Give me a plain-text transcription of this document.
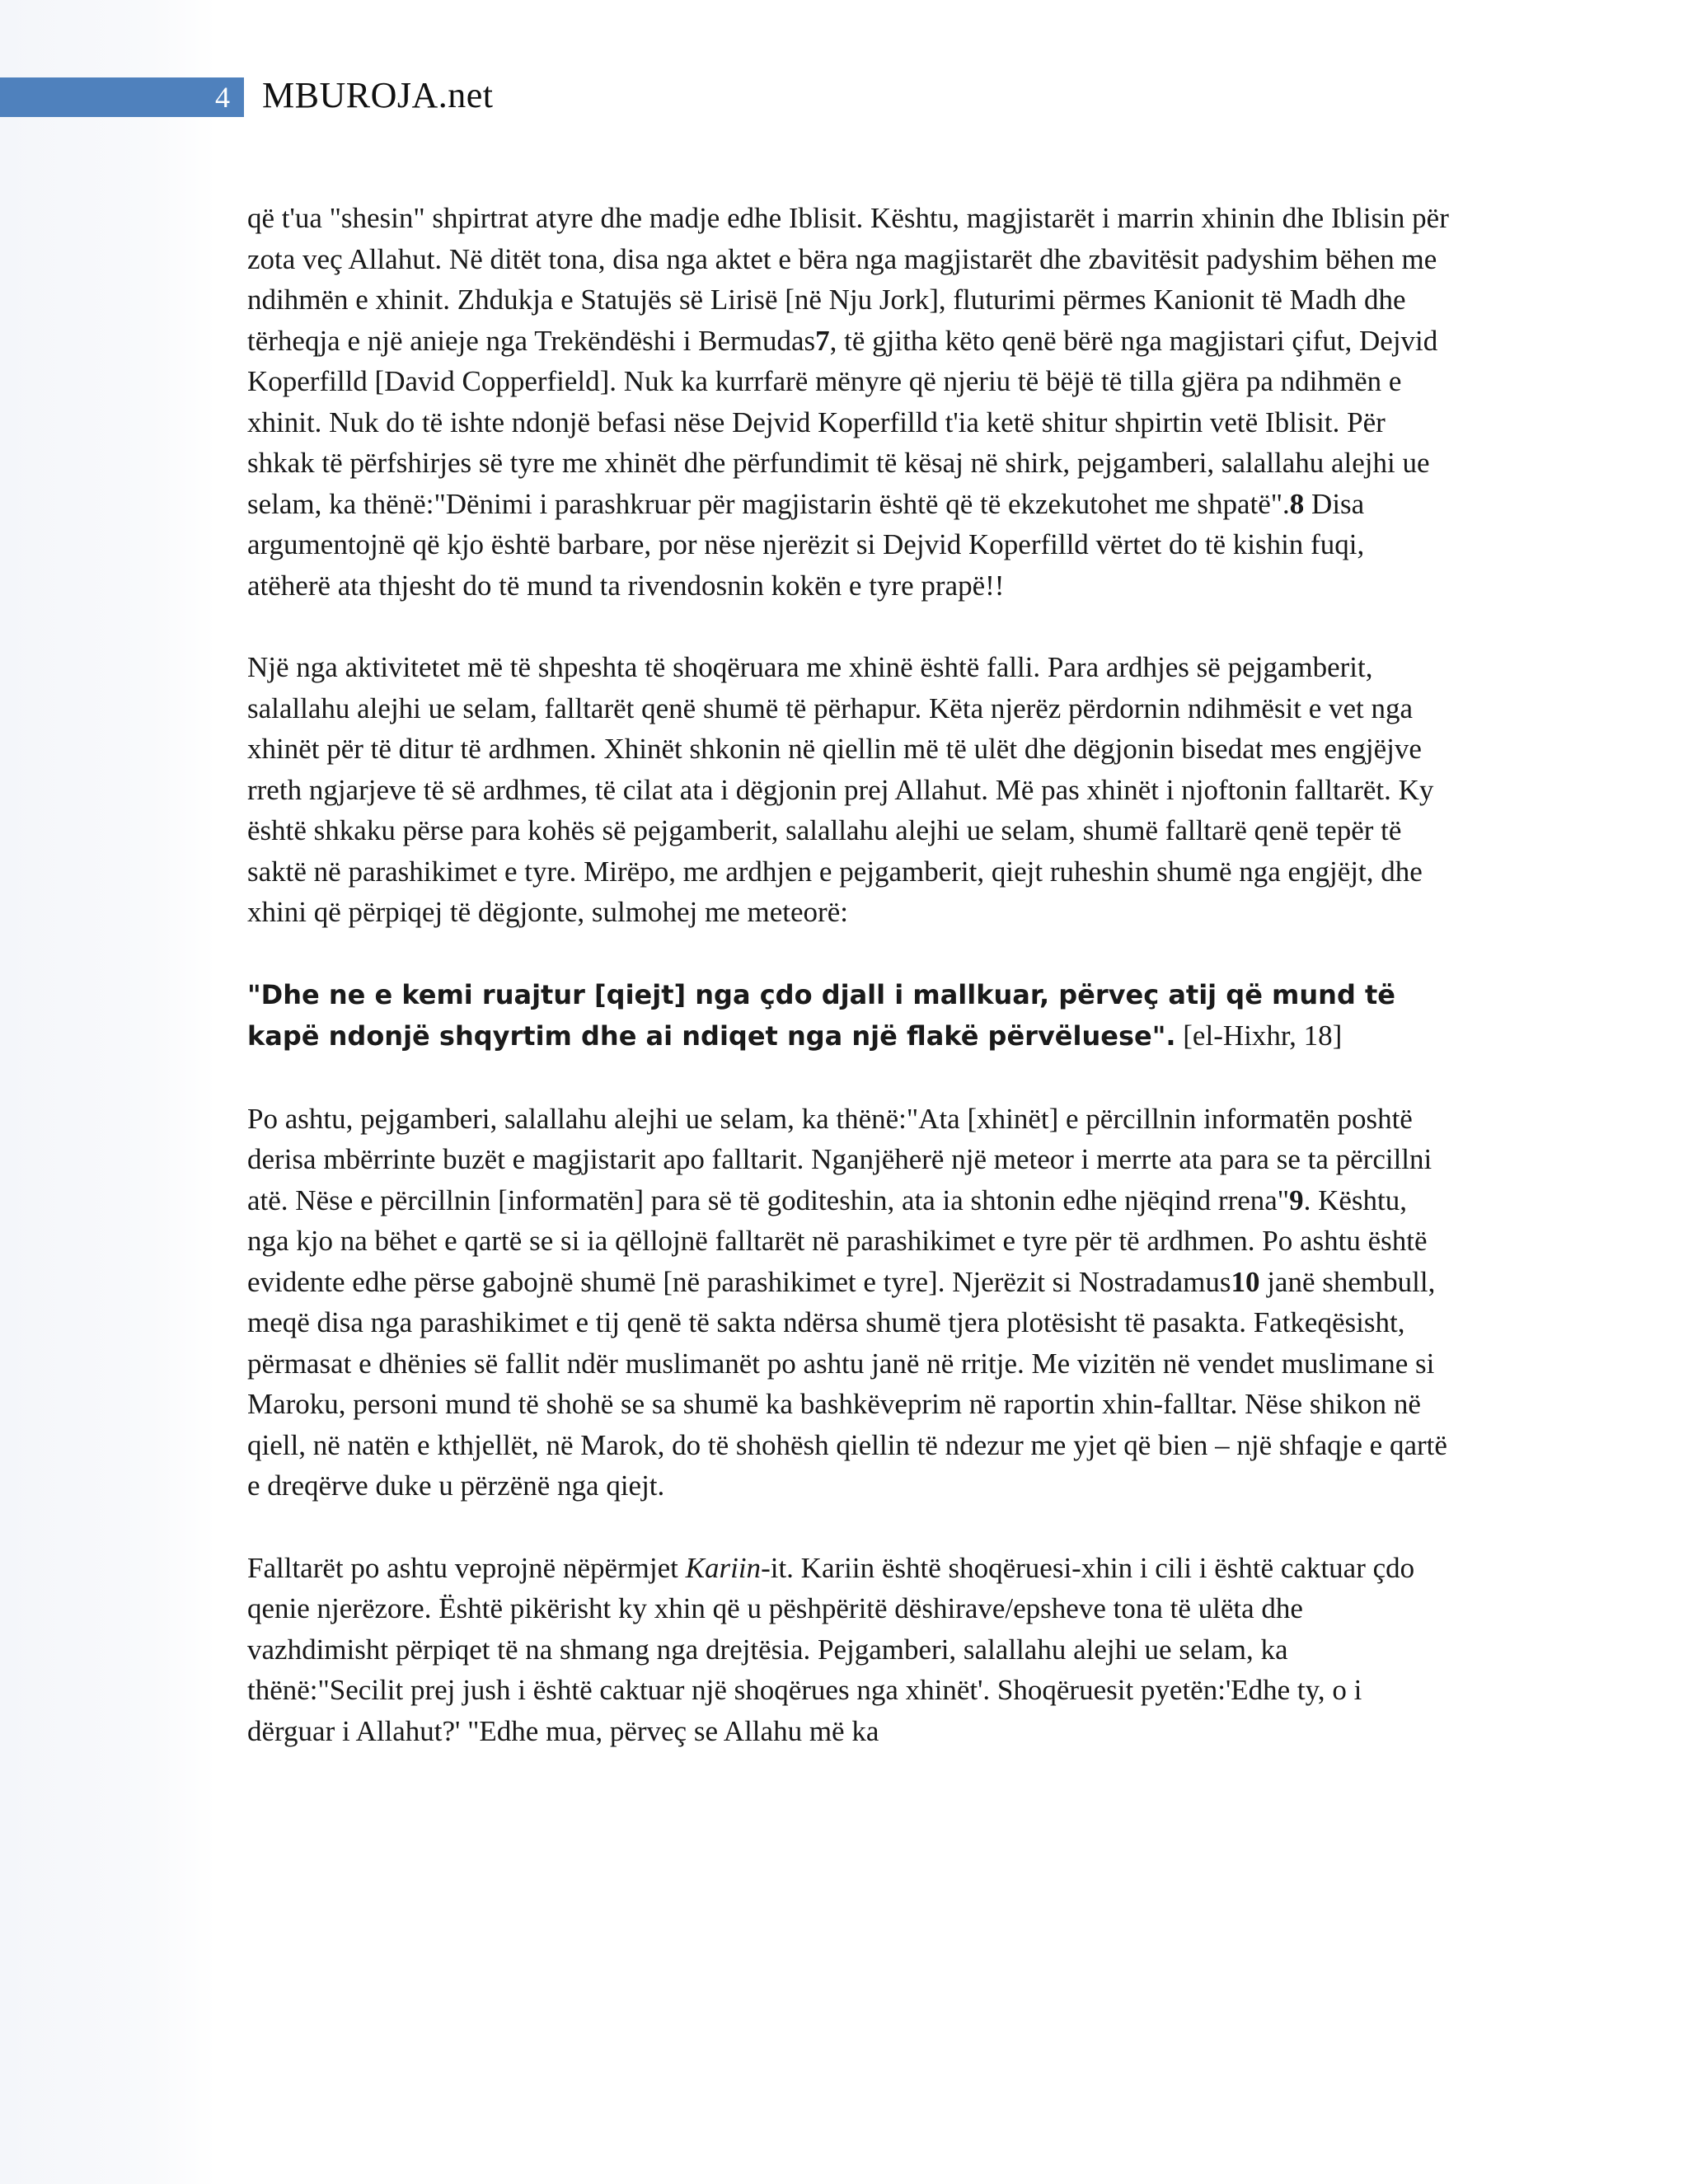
4 MBUROJA.net

që t'ua "shesin" shpirtrat atyre dhe madje edhe Iblisit. Kështu, magjistarët i marrin xhinin dhe Iblisin për zota veç Allahut. Në ditët tona, disa nga aktet e bëra nga magjistarët dhe zbavitësit padyshim bëhen me ndihmën e xhinit. Zhdukja e Statujës së Lirisë [në Nju Jork], fluturimi përmes Kanionit të Madh dhe tërheqja e një anieje nga Trekëndëshi i Bermudas7, të gjitha këto qenë bërë nga magjistari çifut, Dejvid Koperfilld [David Copperfield]. Nuk ka kurrfarë mënyre që njeriu të bëjë të tilla gjëra pa ndihmën e xhinit. Nuk do të ishte ndonjë befasi nëse Dejvid Koperfilld t'ia ketë shitur shpirtin vetë Iblisit. Për shkak të përfshirjes së tyre me xhinët dhe përfundimit të kësaj në shirk, pejgamberi, salallahu alejhi ue selam, ka thënë:"Dënimi i parashkruar për magjistarin është që të ekzekutohet me shpatë".8 Disa argumentojnë që kjo është barbare, por nëse njerëzit si Dejvid Koperfilld vërtet do të kishin fuqi, atëherë ata thjesht do të mund ta rivendosnin kokën e tyre prapë!!

Një nga aktivitetet më të shpeshta të shoqëruara me xhinë është falli. Para ardhjes së pejgamberit, salallahu alejhi ue selam, falltarët qenë shumë të përhapur. Këta njerëz përdornin ndihmësit e vet nga xhinët për të ditur të ardhmen. Xhinët shkonin në qiellin më të ulët dhe dëgjonin bisedat mes engjëjve rreth ngjarjeve të së ardhmes, të cilat ata i dëgjonin prej Allahut. Më pas xhinët i njoftonin falltarët. Ky është shkaku përse para kohës së pejgamberit, salallahu alejhi ue selam, shumë falltarë qenë tepër të saktë në parashikimet e tyre. Mirëpo, me ardhjen e pejgamberit, qiejt ruheshin shumë nga engjëjt, dhe xhini që përpiqej të dëgjonte, sulmohej me meteorë:

"Dhe ne e kemi ruajtur [qiejt] nga çdo djall i mallkuar, përveç atij që mund të kapë ndonjë shqyrtim dhe ai ndiqet nga një flakë përvëluese". [el-Hixhr, 18]

Po ashtu, pejgamberi, salallahu alejhi ue selam, ka thënë:"Ata [xhinët] e përcillnin informatën poshtë derisa mbërrinte buzët e magjistarit apo falltarit. Nganjëherë një meteor i merrte ata para se ta përcillni atë. Nëse e përcillnin [informatën] para së të goditeshin, ata ia shtonin edhe njëqind rrena"9. Kështu, nga kjo na bëhet e qartë se si ia qëllojnë falltarët në parashikimet e tyre për të ardhmen. Po ashtu është evidente edhe përse gabojnë shumë [në parashikimet e tyre]. Njerëzit si Nostradamus10 janë shembull, meqë disa nga parashikimet e tij qenë të sakta ndërsa shumë tjera plotësisht të pasakta. Fatkeqësisht, përmasat e dhënies së fallit ndër muslimanët po ashtu janë në rritje. Me vizitën në vendet muslimane si Maroku, personi mund të shohë se sa shumë ka bashkëveprim në raportin xhin-falltar. Nëse shikon në qiell, në natën e kthjellët, në Marok, do të shohësh qiellin të ndezur me yjet që bien – një shfaqje e qartë e dreqërve duke u përzënë nga qiejt.

Falltarët po ashtu veprojnë nëpërmjet Kariin-it. Kariin është shoqëruesi-xhin i cili i është caktuar çdo qenie njerëzore. Është pikërisht ky xhin që u pëshpëritë dëshirave/epsheve tona të ulëta dhe vazhdimisht përpiqet të na shmang nga drejtësia. Pejgamberi, salallahu alejhi ue selam, ka thënë:"Secilit prej jush i është caktuar një shoqërues nga xhinët'. Shoqëruesit pyetën:'Edhe ty, o i dërguar i Allahut?' "Edhe mua, përveç se Allahu më ka
